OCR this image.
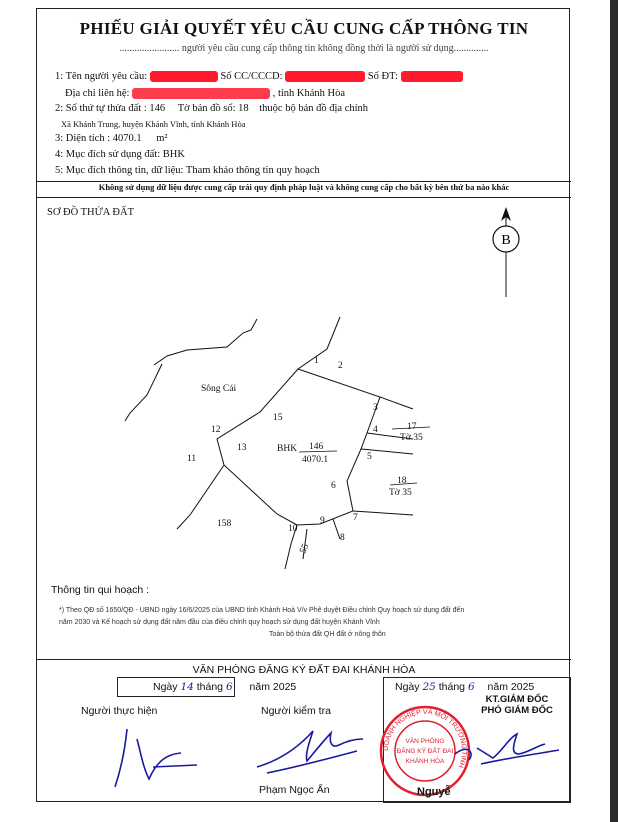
PHIẾU GIẢI QUYẾT YÊU CẦU CUNG CẤP THÔNG TIN
........................ người yêu cầu cung cấp thông tin không đồng thời là người sử dụng..............
1: Tên người yêu cầu:	Số CC/CCCD:	Số ĐT:
Địa chỉ liên hệ:	, tỉnh Khánh Hòa
2: Số thứ tự thửa đất : 146 Tờ bản đồ số: 18 thuộc bộ bản đồ địa chính
Xã Khánh Trung, huyện Khánh Vĩnh, tỉnh Khánh Hòa
3: Diện tích : 4070.1 m²
4: Mục đích sử dụng đất: BHK
5: Mục đích thông tin, dữ liệu: Tham khảo thông tin quy hoạch
Không sử dụng dữ liệu được cung cấp trái quy định pháp luật và không cung cấp cho bất kỳ bên thứ ba nào khác
SƠ ĐỒ THỬA ĐẤT
B
Sông Cái
15
1 2
3
4
5
6
7
8
9
10
11
12
13	BHK 146
4070.1
17
Tờ 35
18
Tờ 35
158
55
Thông tin qui hoạch :
*) Theo QĐ số 1650/QĐ - UBND ngày 16/6/2025 của UBND tỉnh Khánh Hoà V/v Phê duyệt Điều chỉnh Quy hoạch sử dụng đất đến
năm 2030 và Kế hoạch sử dụng đất năm đầu của điều chỉnh quy hoạch sử dụng đất huyện Khánh Vĩnh
Toàn bộ thửa đất QH đất ở nông thôn
VĂN PHÒNG ĐĂNG KÝ ĐẤT ĐAI KHÁNH HÒA
Ngày 14 tháng 6 năm 2025	Ngày 25 tháng 6 năm 2025
KT.GIÁM ĐỐC
PHÓ GIÁM ĐỐC
Người thực hiện	Người kiểm tra
Phạm Ngọc Ẩn
DOANH NGHIỆP VÀ MÔI TRƯỜNG TỈNH
VĂN PHÒNG
ĐĂNG KÝ ĐẤT ĐAI
KHÁNH HÒA
Nguyễ
